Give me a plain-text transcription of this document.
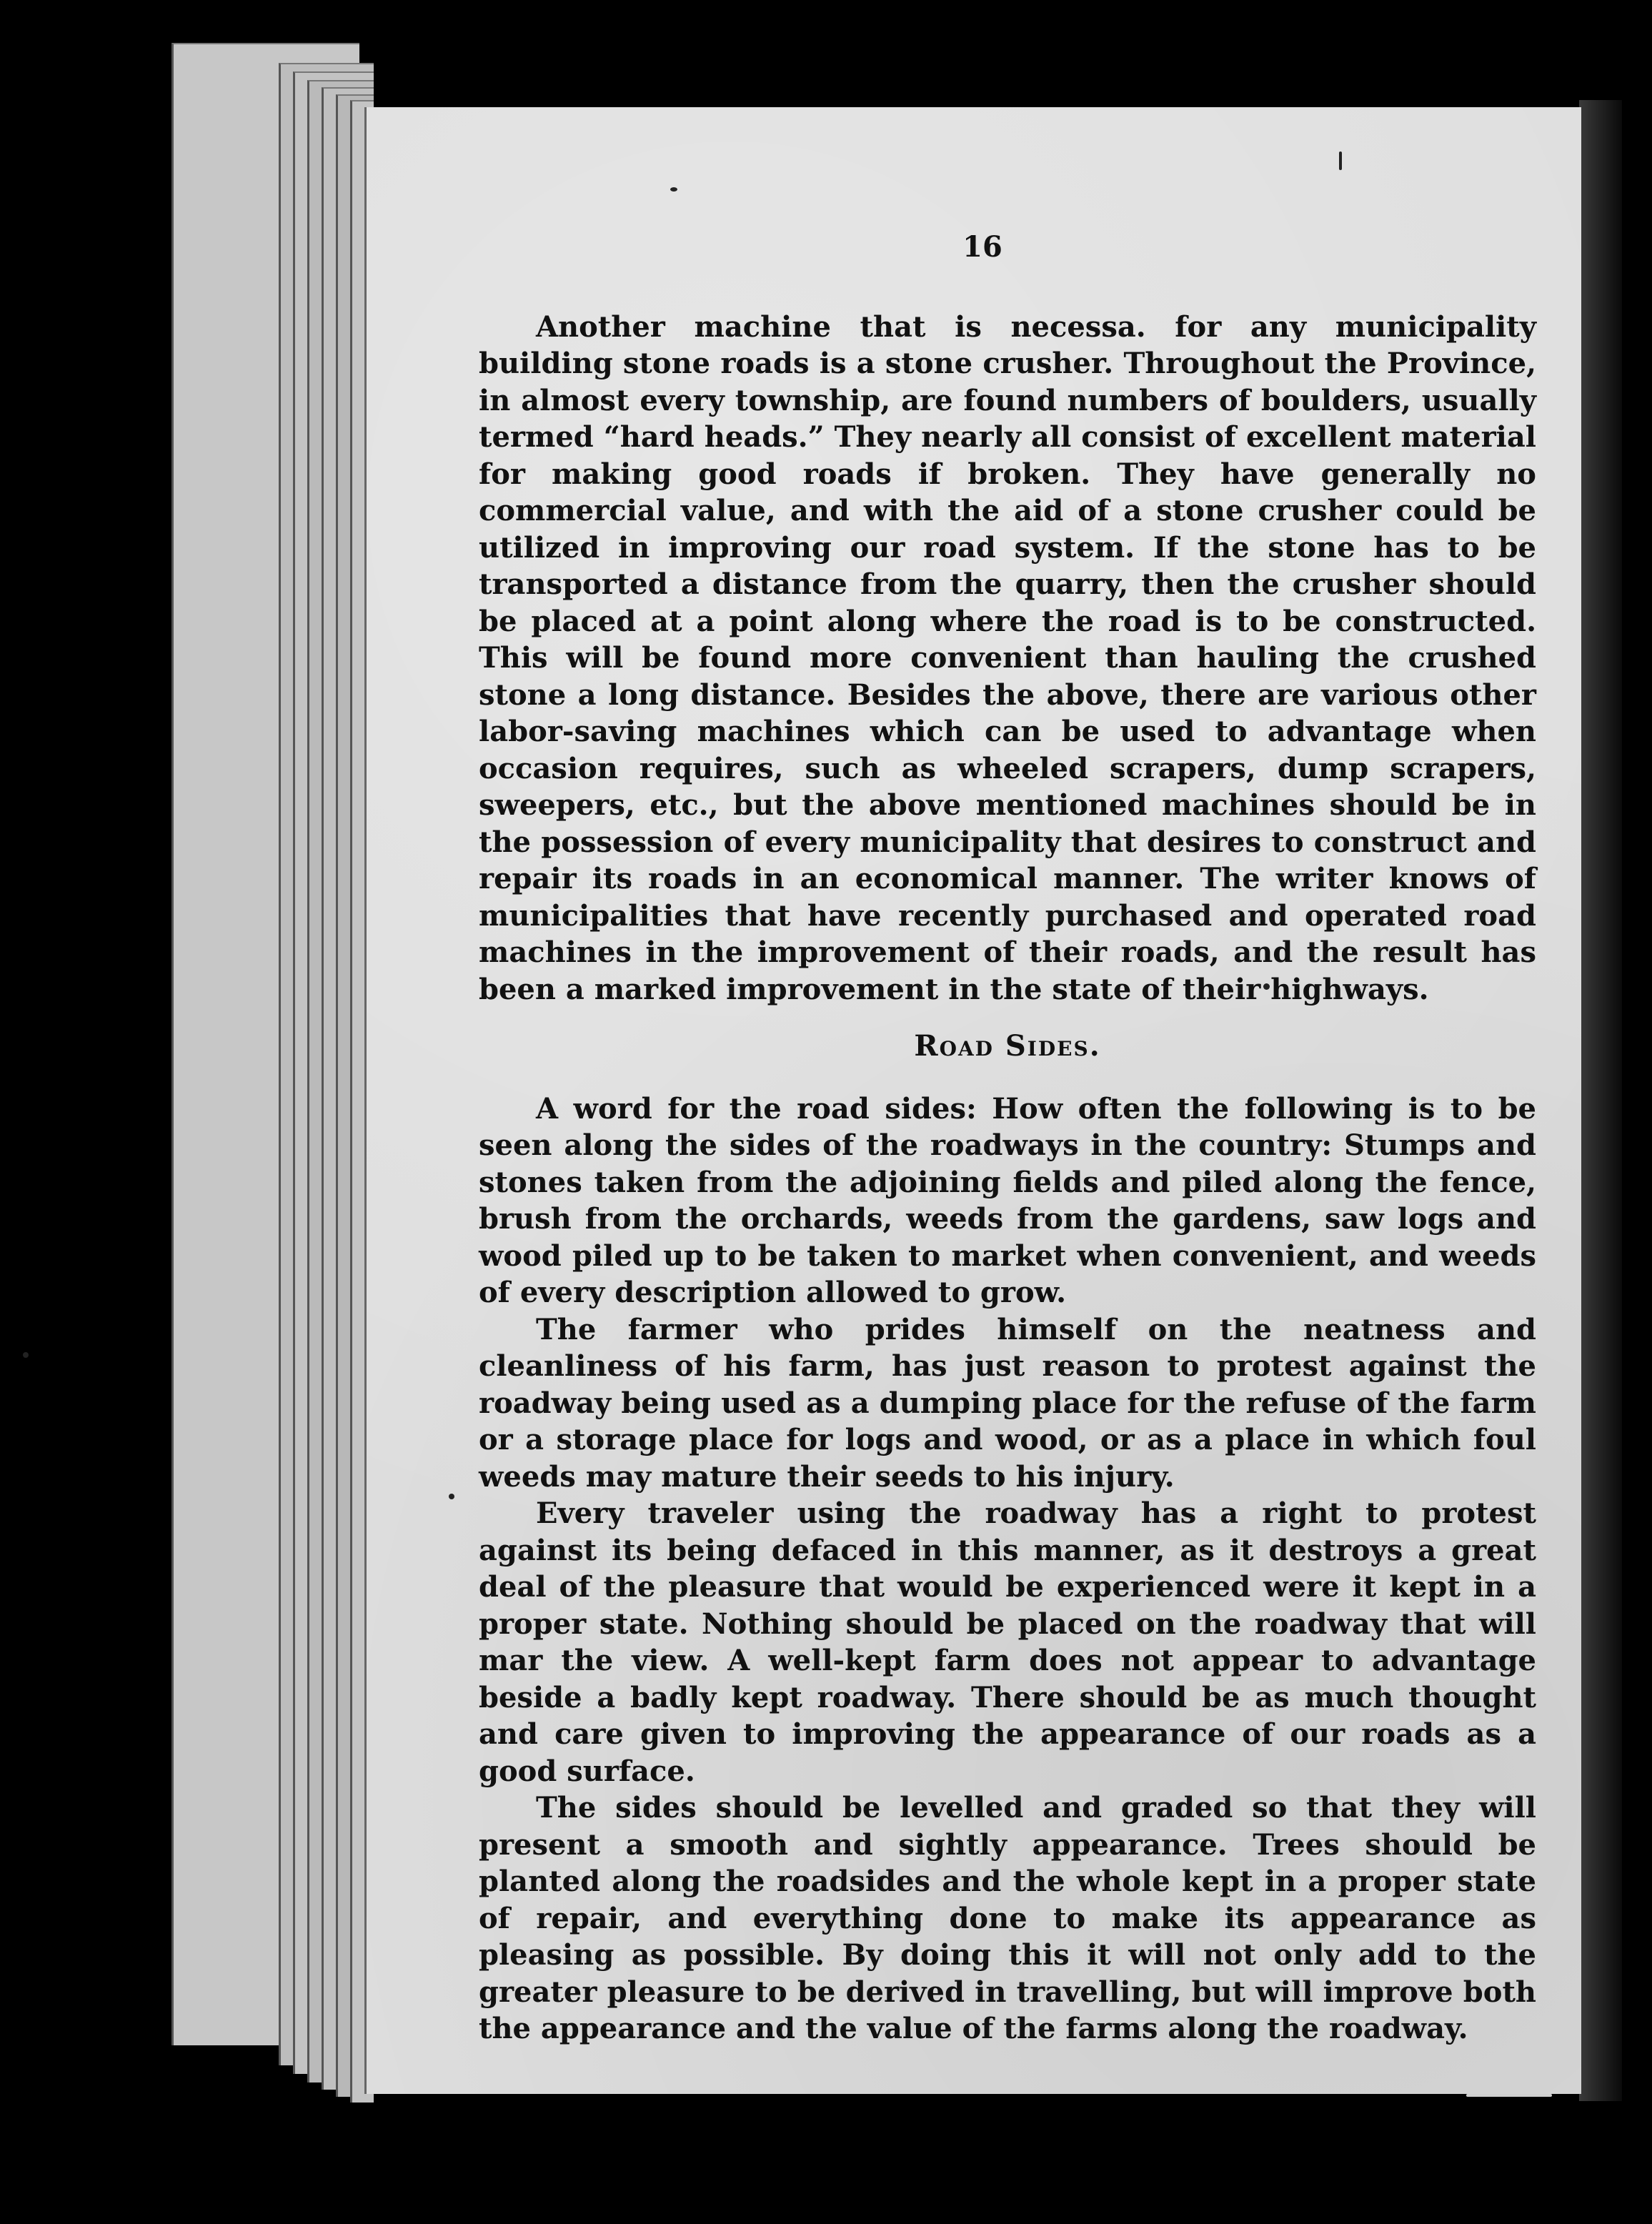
16

Another machine that is necessa. for any municipality building stone roads is a stone crusher. Throughout the Province, in almost every township, are found numbers of boulders, usually termed “hard heads.” They nearly all consist of excellent material for making good roads if broken. They have generally no commercial value, and with the aid of a stone crusher could be utilized in improving our road system. If the stone has to be transported a distance from the quarry, then the crusher should be placed at a point along where the road is to be constructed. This will be found more convenient than hauling the crushed stone a long distance. Besides the above, there are various other labor-saving machines which can be used to advantage when occasion requires, such as wheeled scrapers, dump scrapers, sweepers, etc., but the above mentioned machines should be in the possession of every municipality that desires to construct and repair its roads in an economical manner. The writer knows of municipalities that have recently purchased and operated road machines in the improvement of their roads, and the result has been a marked improvement in the state of their highways.

Road Sides.

A word for the road sides: How often the following is to be seen along the sides of the roadways in the country: Stumps and stones taken from the adjoining fields and piled along the fence, brush from the orchards, weeds from the gardens, saw logs and wood piled up to be taken to market when convenient, and weeds of every description allowed to grow.

The farmer who prides himself on the neatness and cleanliness of his farm, has just reason to protest against the roadway being used as a dumping place for the refuse of the farm or a storage place for logs and wood, or as a place in which foul weeds may mature their seeds to his injury.

Every traveler using the roadway has a right to protest against its being defaced in this manner, as it destroys a great deal of the pleasure that would be experienced were it kept in a proper state. Nothing should be placed on the roadway that will mar the view. A well-kept farm does not appear to advantage beside a badly kept roadway. There should be as much thought and care given to improving the appearance of our roads as a good surface.

The sides should be levelled and graded so that they will present a smooth and sightly appearance. Trees should be planted along the roadsides and the whole kept in a proper state of repair, and everything done to make its appearance as pleasing as possible. By doing this it will not only add to the greater pleasure to be derived in travelling, but will improve both the appearance and the value of the farms along the roadway.
